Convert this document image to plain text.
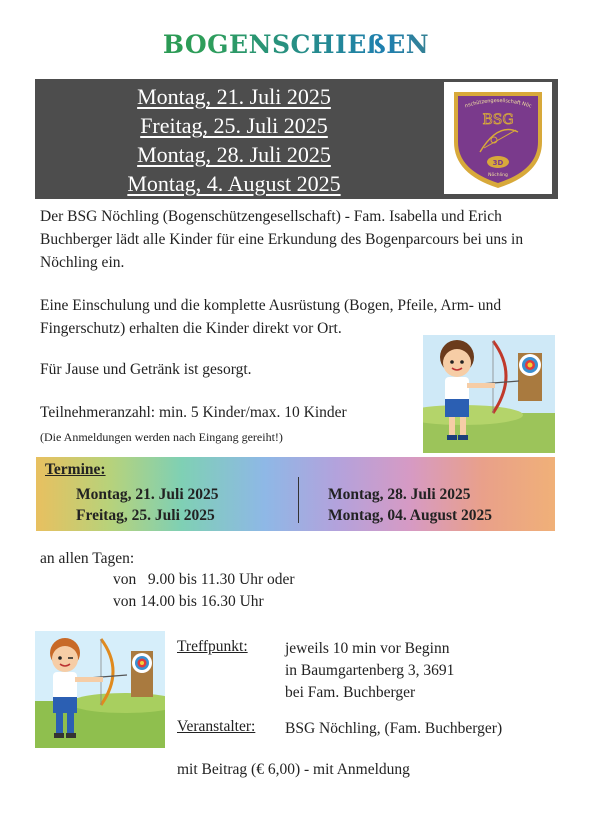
BOGENSCHIEßEN
Montag, 21. Juli 2025
Freitag, 25. Juli 2025
Montag, 28. Juli 2025
Montag, 4. August 2025
nschützengesellschaft Nöc
BSG
3D
Nöchling
Der BSG Nöchling (Bogenschützengesellschaft) - Fam. Isabella und Erich Buchberger lädt alle Kinder für eine Erkundung des Bogenparcours bei uns in Nöchling ein.
Eine Einschulung und die komplette Ausrüstung (Bogen, Pfeile, Arm- und Fingerschutz) erhalten die Kinder direkt vor Ort.
Für Jause und Getränk ist gesorgt.
Teilnehmeranzahl: min. 5 Kinder/max. 10 Kinder
(Die Anmeldungen werden nach Eingang gereiht!)
Termine:
Montag, 21. Juli 2025
Freitag, 25. Juli 2025
Montag, 28. Juli 2025
Montag, 04. August 2025
an allen Tagen:
von   9.00 bis 11.30 Uhr oder
von 14.00 bis 16.30 Uhr
Treffpunkt: jeweils 10 min vor Beginn
in Baumgartenberg 3, 3691
bei Fam. Buchberger
Veranstalter: BSG Nöchling, (Fam. Buchberger)
mit Beitrag (€ 6,00) - mit Anmeldung
